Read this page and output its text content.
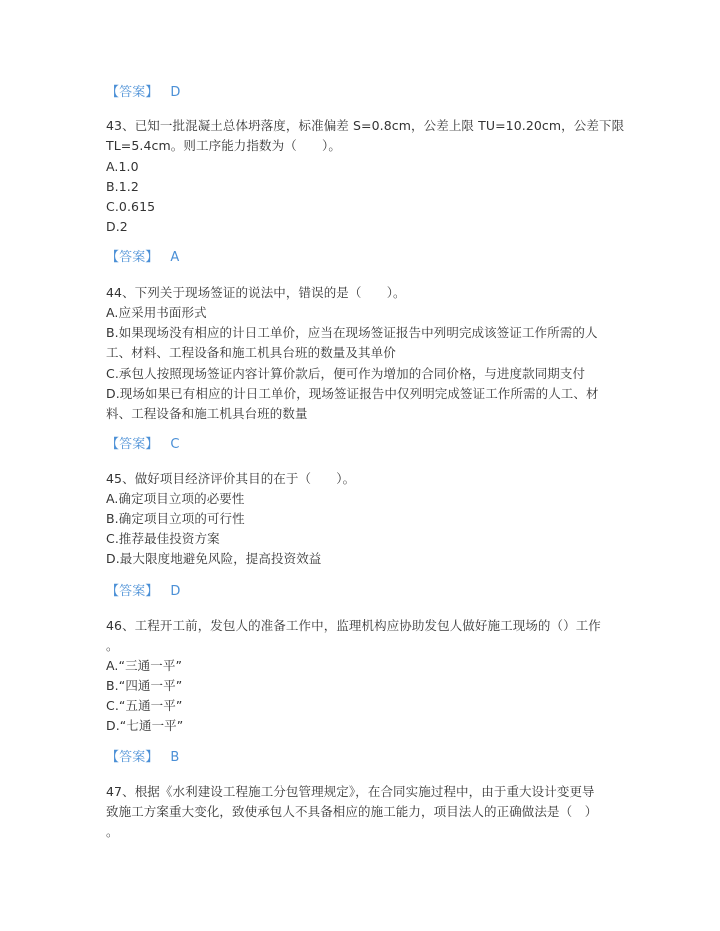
【答案】 D
43、已知一批混凝土总体坍落度，标准偏差 S=0.8cm，公差上限 TU=10.20cm，公差下限
TL=5.4cm。则工序能力指数为（　　）。
A.1.0
B.1.2
C.0.615
D.2
【答案】 A
44、下列关于现场签证的说法中，错误的是（　　）。
A.应采用书面形式
B.如果现场没有相应的计日工单价，应当在现场签证报告中列明完成该签证工作所需的人
工、材料、工程设备和施工机具台班的数量及其单价
C.承包人按照现场签证内容计算价款后，便可作为增加的合同价格，与进度款同期支付
D.现场如果已有相应的计日工单价，现场签证报告中仅列明完成签证工作所需的人工、材
料、工程设备和施工机具台班的数量
【答案】 C
45、做好项目经济评价其目的在于（　　）。
A.确定项目立项的必要性
B.确定项目立项的可行性
C.推荐最佳投资方案
D.最大限度地避免风险，提高投资效益
【答案】 D
46、工程开工前，发包人的准备工作中，监理机构应协助发包人做好施工现场的（）工作
。
A.“三通一平”
B.“四通一平”
C.“五通一平”
D.“七通一平”
【答案】 B
47、根据《水利建设工程施工分包管理规定》，在合同实施过程中，由于重大设计变更导
致施工方案重大变化，致使承包人不具备相应的施工能力，项目法人的正确做法是（　）
。
